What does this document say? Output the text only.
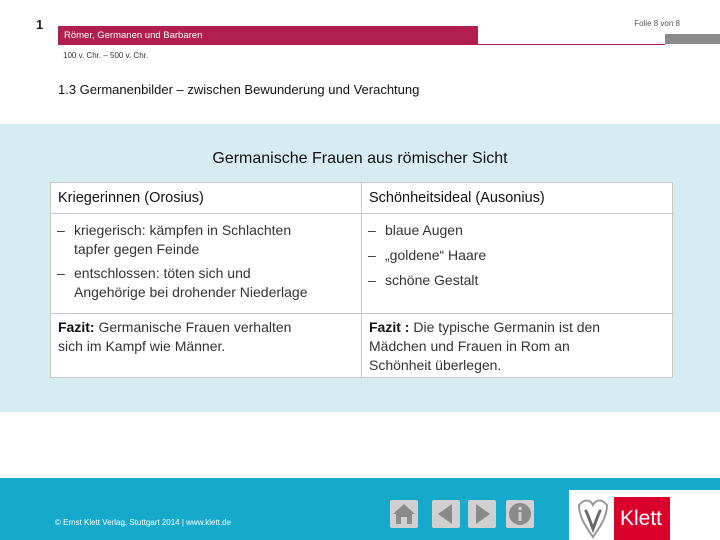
1	Folie 8 von 8
Römer, Germanen und Barbaren
100 v. Chr. – 500 v. Chr.
1.3 Germanenbilder – zwischen Bewunderung und Verachtung
Germanische Frauen aus römischer Sicht
Kriegerinnen (Orosius)
– kriegerisch: kämpfen in Schlachten
tapfer gegen Feinde
– entschlossen: töten sich und
Angehörige bei drohender Niederlage
Fazit: Germanische Frauen verhalten
sich im Kampf wie Männer.
Schönheitsideal (Ausonius)
– blaue Augen
– „goldene“ Haare
– schöne Gestalt
Fazit : Die typische Germanin ist den
Mädchen und Frauen in Rom an
Schönheit überlegen.
© Ernst Klett Verlag, Stuttgart 2014 | www.klett.de	Klett
